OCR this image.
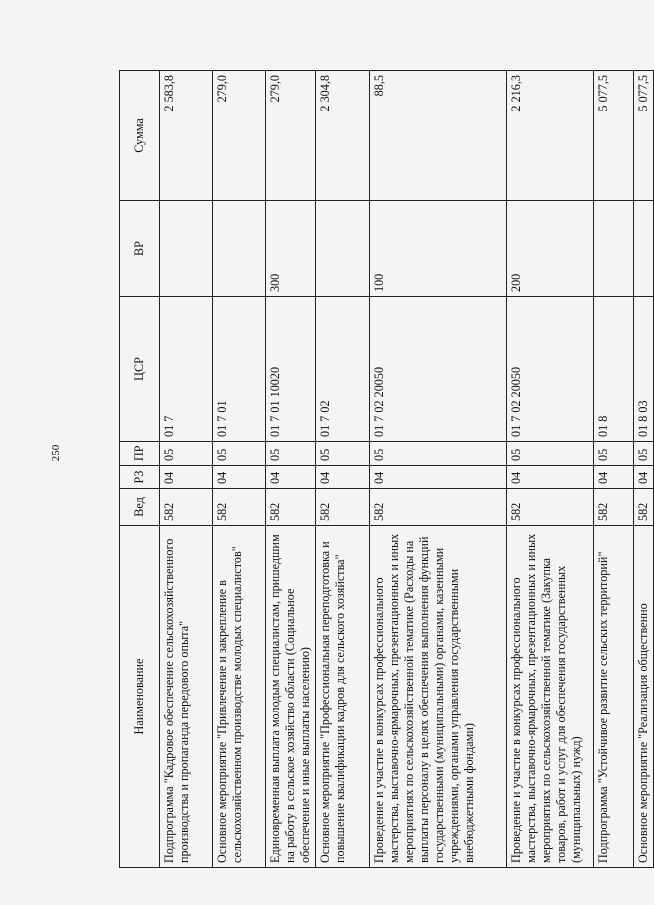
250
Наименование	Вед	РЗ	ПР	ЦСР	ВР	Сумма
Подпрограмма "Кадровое обеспечение сельскохозяйственного производства и пропаганда передового опыта"	582	04	05	01 7		2 583,8
Основное мероприятие "Привлечение и закрепление в сельскохозяйственном производстве молодых специалистов"	582	04	05	01 7 01		279,0
Единовременная выплата молодым специалистам, пришедшим на работу в сельское хозяйство области (Социальное обеспечение и иные выплаты населению)	582	04	05	01 7 01 10020	300	279,0
Основное мероприятие "Профессиональная переподготовка и повышение квалификации кадров для сельского хозяйства"	582	04	05	01 7 02		2 304,8
Проведение и участие в конкурсах профессионального мастерства, выставочно-ярмарочных, презентационных и иных мероприятиях по сельскохозяйственной тематике (Расходы на выплаты персоналу в целях обеспечения выполнения функций государственными (муниципальными) органами, казенными учреждениями, органами управления государственными внебюджетными фондами)	582	04	05	01 7 02 20050	100	88,5
Проведение и участие в конкурсах профессионального мастерства, выставочно-ярмарочных, презентационных и иных мероприятиях по сельскохозяйственной тематике (Закупка товаров, работ и услуг для обеспечения государственных (муниципальных) нужд)	582	04	05	01 7 02 20050	200	2 216,3
Подпрограмма "Устойчивое развитие сельских территорий"	582	04	05	01 8		5 077,5
Основное мероприятие "Реализация общественно	582	04	05	01 8 03		5 077,5
